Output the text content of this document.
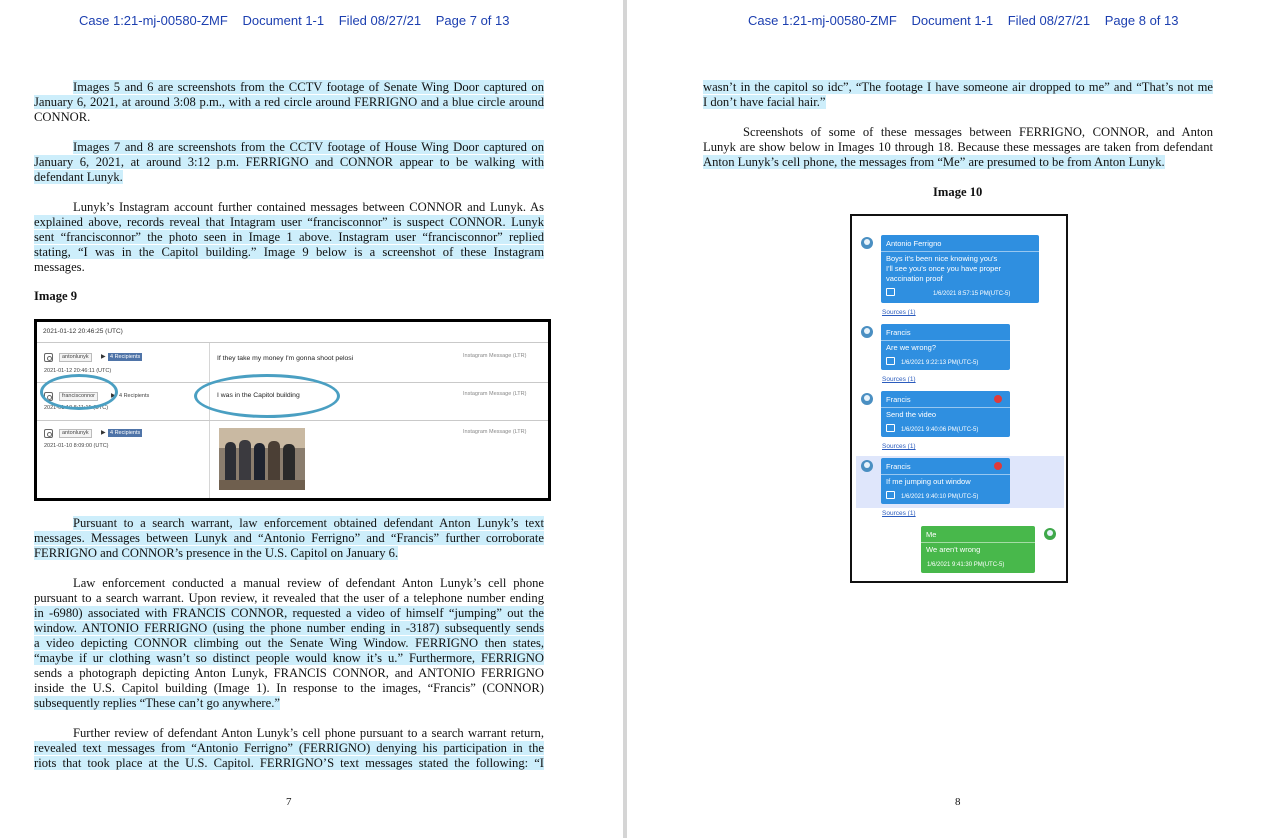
Case 1:21-mj-00580-ZMF Document 1-1 Filed 08/27/21 Page 7 of 13
Images 5 and 6 are screenshots from the CCTV footage of Senate Wing Door captured on
January 6, 2021, at around 3:08 p.m., with a red circle around FERRIGNO and a blue circle around
CONNOR.
Images 7 and 8 are screenshots from the CCTV footage of House Wing Door captured on
January 6, 2021, at around 3:12 p.m. FERRIGNO and CONNOR appear to be walking with
defendant Lunyk.
Lunyk’s Instagram account further contained messages between CONNOR and Lunyk. As
explained above, records reveal that Intagram user “francisconnor” is suspect CONNOR. Lunyk
sent “francisconnor” the photo seen in Image 1 above. Instagram user “francisconnor” replied
stating, “I was in the Capitol building.” Image 9 below is a screenshot of these Instagram
messages.
Image 9
2021-01-12 20:46:25 (UTC)
antonlunyk	▶ 4 Recipients
2021-01-12 20:46:11 (UTC)
If they take my money I'm gonna shoot pelosi	Instagram Message (LTR)
francisconnor	▶ 4 Recipients
2021-01-10 8:11:15 (UTC)
I was in the Capitol building	Instagram Message (LTR)
antonlunyk	▶ 4 Recipients
2021-01-10 8:09:00 (UTC)
Instagram Message (LTR)
Pursuant to a search warrant, law enforcement obtained defendant Anton Lunyk’s text
messages. Messages between Lunyk and “Antonio Ferrigno” and “Francis” further corroborate
FERRIGNO and CONNOR’s presence in the U.S. Capitol on January 6.
Law enforcement conducted a manual review of defendant Anton Lunyk’s cell phone
pursuant to a search warrant. Upon review, it revealed that the user of a telephone number ending
in -6980) associated with FRANCIS CONNOR, requested a video of himself “jumping” out the
window. ANTONIO FERRIGNO (using the phone number ending in -3187) subsequently sends
a video depicting CONNOR climbing out the Senate Wing Window. FERRIGNO then states,
“maybe if ur clothing wasn’t so distinct people would know it’s u.” Furthermore, FERRIGNO
sends a photograph depicting Anton Lunyk, FRANCIS CONNOR, and ANTONIO FERRIGNO
inside the U.S. Capitol building (Image 1). In response to the images, “Francis” (CONNOR)
subsequently replies “These can’t go anywhere.”
Further review of defendant Anton Lunyk’s cell phone pursuant to a search warrant return,
revealed text messages from “Antonio Ferrigno” (FERRIGNO) denying his participation in the
riots that took place at the U.S. Capitol. FERRIGNO’S text messages stated the following: “I
7
Case 1:21-mj-00580-ZMF Document 1-1 Filed 08/27/21 Page 8 of 13
wasn’t in the capitol so idc”, “The footage I have someone air dropped to me” and “That’s not me
I don’t have facial hair.”
Screenshots of some of these messages between FERRIGNO, CONNOR, and Anton
Lunyk are show below in Images 10 through 18. Because these messages are taken from defendant
Anton Lunyk’s cell phone, the messages from “Me” are presumed to be from Anton Lunyk.
Image 10
Antonio Ferrigno
Boys it's been nice knowing you's
I'll see you's once you have proper
vaccination proof
1/6/2021 8:57:15 PM(UTC-5)
Sources (1)
Francis
Are we wrong?
1/6/2021 9:22:13 PM(UTC-5)
Sources (1)
Francis
Send the video
1/6/2021 9:40:06 PM(UTC-5)
Sources (1)
Francis
If me jumping out window
1/6/2021 9:40:10 PM(UTC-5)
Sources (1)
Me
We aren't wrong
1/6/2021 9:41:30 PM(UTC-5)
8
